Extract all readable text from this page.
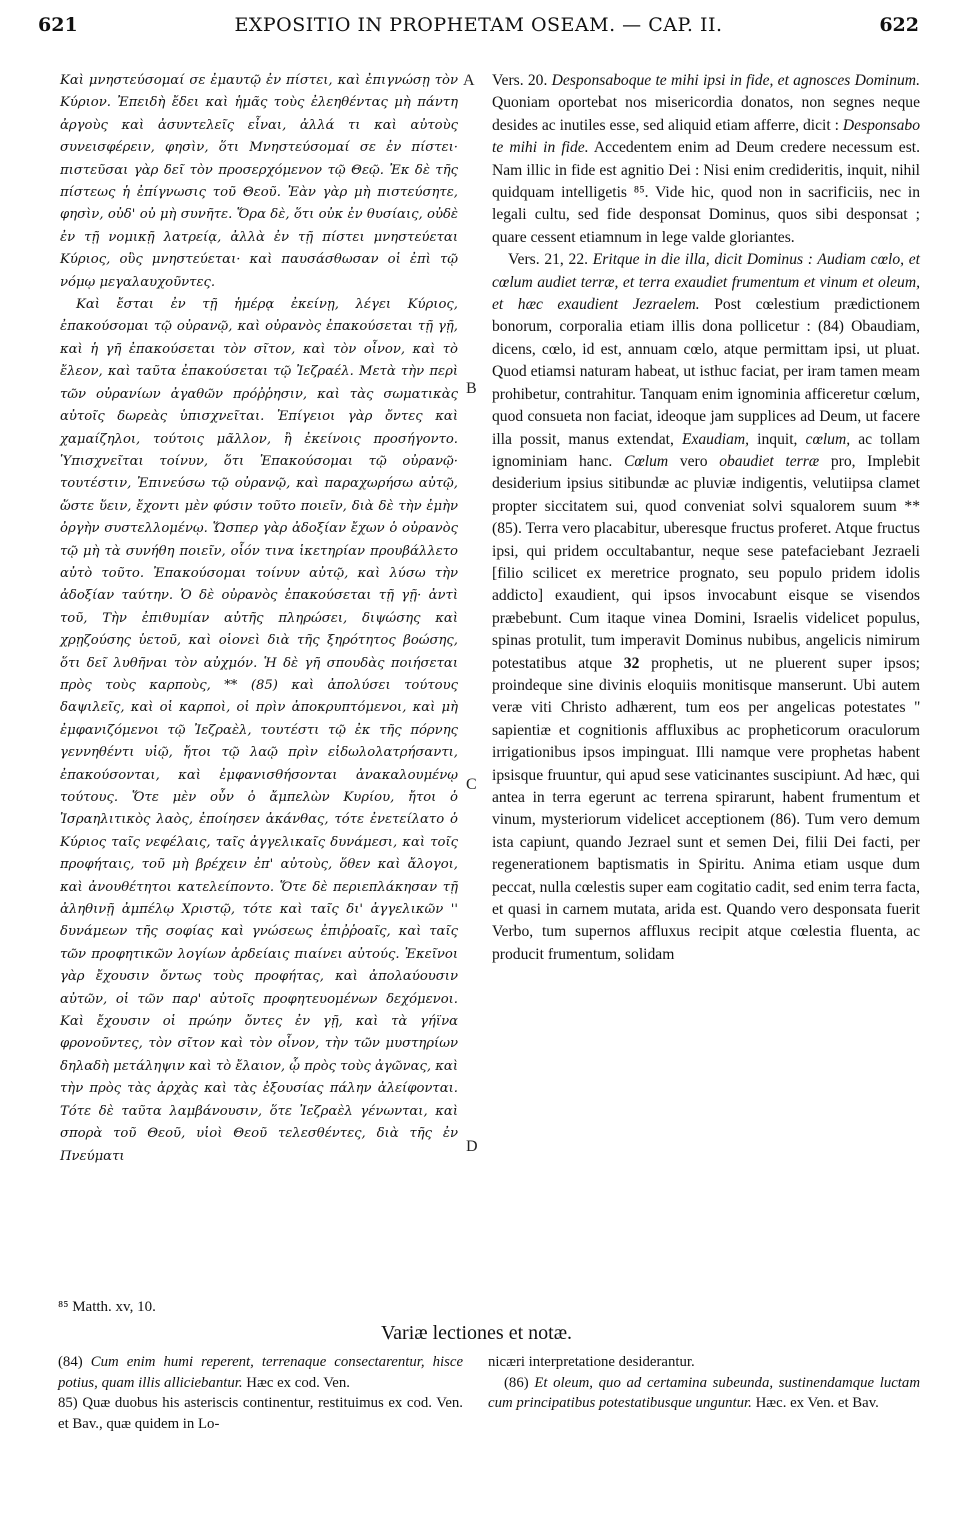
621	EXPOSITIO IN PROPHETAM OSEAM. — CAP. II.	622
A
B
C
D

Καὶ μνηστεύσομαί σε ἐμαυτῷ ἐν πίστει, καὶ ἐπιγνώσῃ τὸν Κύριον. Ἐπειδὴ ἔδει καὶ ἡμᾶς τοὺς ἐλεηθέντας μὴ πάντη ἀργοὺς καὶ ἀσυντελεῖς εἶναι, ἀλλά τι καὶ αὐτοὺς συνεισφέρειν, φησὶν, ὅτι Μνηστεύσομαί σε ἐν πίστει· πιστεῦσαι γὰρ δεῖ τὸν προσερχόμενον τῷ Θεῷ. Ἐκ δὲ τῆς πίστεως ἡ ἐπίγνωσις τοῦ Θεοῦ. Ἐὰν γὰρ μὴ πιστεύσητε, φησὶν, οὐδ' οὐ μὴ συνῆτε. Ὅρα δὲ, ὅτι οὐκ ἐν θυσίαις, οὐδὲ ἐν τῇ νομικῇ λατρείᾳ, ἀλλὰ ἐν τῇ πίστει μνηστεύεται Κύριος, οὓς μνηστεύεται· καὶ παυσάσθωσαν οἱ ἐπὶ τῷ νόμῳ μεγαλαυχοῦντες.

Καὶ ἔσται ἐν τῇ ἡμέρᾳ ἐκείνῃ, λέγει Κύριος, ἐπακούσομαι τῷ οὐρανῷ, καὶ οὐρανὸς ἐπακούσεται τῇ γῇ, καὶ ἡ γῆ ἐπακούσεται τὸν σῖτον, καὶ τὸν οἶνον, καὶ τὸ ἔλεον, καὶ ταῦτα ἐπακούσεται τῷ Ἰεζραέλ. Μετὰ τὴν περὶ τῶν οὐρανίων ἀγαθῶν πρόῤῥησιν, καὶ τὰς σωματικὰς αὐτοῖς δωρεὰς ὑπισχνεῖται. Ἐπίγειοι γὰρ ὄντες καὶ χαμαίζηλοι, τούτοις μᾶλλον, ἢ ἐκείνοις προσήγοντο. Ὑπισχνεῖται τοίνυν, ὅτι Ἐπακούσομαι τῷ οὐρανῷ· τουτέστιν, Ἐπινεύσω τῷ οὐρανῷ, καὶ παραχωρήσω αὐτῷ, ὥστε ὕειν, ἔχοντι μὲν φύσιν τοῦτο ποιεῖν, διὰ δὲ τὴν ἐμὴν ὀργὴν συστελλομένῳ. Ὥσπερ γὰρ ἀδοξίαν ἔχων ὁ οὐρανὸς τῷ μὴ τὰ συνήθη ποιεῖν, οἷόν τινα ἱκετηρίαν προυβάλλετο αὐτὸ τοῦτο. Ἐπακούσομαι τοίνυν αὐτῷ, καὶ λύσω τὴν ἀδοξίαν ταύτην. Ὁ δὲ οὐρανὸς ἐπακούσεται τῇ γῇ· ἀντὶ τοῦ, Τὴν ἐπιθυμίαν αὐτῆς πληρώσει, διψώσης καὶ χρῃζούσης ὑετοῦ, καὶ οἱονεὶ διὰ τῆς ξηρότητος βοώσης, ὅτι δεῖ λυθῆναι τὸν αὐχμόν. Ἡ δὲ γῆ σπουδὰς ποιήσεται πρὸς τοὺς καρποὺς, ** (85) καὶ ἀπολύσει τούτους δαψιλεῖς, καὶ οἱ καρποὶ, οἱ πρὶν ἀποκρυπτόμενοι, καὶ μὴ ἐμφανιζόμενοι τῷ Ἰεζραὲλ, τουτέστι τῷ ἐκ τῆς πόρνης γεννηθέντι υἱῷ, ἤτοι τῷ λαῷ πρὶν εἰδωλολατρήσαντι, ἐπακούσονται, καὶ ἐμφανισθήσονται ἀνακαλουμένῳ τούτους. Ὅτε μὲν οὖν ὁ ἄμπελὼν Κυρίου, ἤτοι ὁ Ἰσραηλιτικὸς λαὸς, ἐποίησεν ἀκάνθας, τότε ἐνετείλατο ὁ Κύριος ταῖς νεφέλαις, ταῖς ἀγγελικαῖς δυνάμεσι, καὶ τοῖς προφήταις, τοῦ μὴ βρέχειν ἐπ' αὐτοὺς, ὅθεν καὶ ἄλογοι, καὶ ἀνουθέτητοι κατελείποντο. Ὅτε δὲ περιεπλάκησαν τῇ ἀληθινῇ ἀμπέλῳ Χριστῷ, τότε καὶ ταῖς δι' ἀγγελικῶν '' δυνάμεων τῆς σοφίας καὶ γνώσεως ἐπιῤῥοαῖς, καὶ ταῖς τῶν προφητικῶν λογίων ἀρδείαις πιαίνει αὐτούς. Ἐκεῖνοι γὰρ ἔχουσιν ὄντως τοὺς προφήτας, καὶ ἀπολαύουσιν αὐτῶν, οἱ τῶν παρ' αὐτοῖς προφητευομένων δεχόμενοι. Καὶ ἔχουσιν οἱ πρώην ὄντες ἐν γῇ, καὶ τὰ γήϊνα φρονοῦντες, τὸν σῖτον καὶ τὸν οἶνον, τὴν τῶν μυστηρίων δηλαδὴ μετάληψιν καὶ τὸ ἔλαιον, ᾧ πρὸς τοὺς ἀγῶνας, καὶ τὴν πρὸς τὰς ἀρχὰς καὶ τὰς ἐξουσίας πάλην ἀλείφονται. Τότε δὲ ταῦτα λαμβάνουσιν, ὅτε Ἰεζραὲλ γένωνται, καὶ σπορὰ τοῦ Θεοῦ, υἱοὶ Θεοῦ τελεσθέντες, διὰ τῆς ἐν Πνεύματι

⁸⁵ Matth. xv, 10.

Vers. 20. Desponsaboque te mihi ipsi in fide, et agnosces Dominum. Quoniam oportebat nos misericordia donatos, non segnes neque desides ac inutiles esse, sed aliquid etiam afferre, dicit : Desponsabo te mihi in fide. Accedentem enim ad Deum credere necessum est. Nam illic in fide est agnitio Dei : Nisi enim credideritis, inquit, nihil quidquam intelligetis ⁸⁵. Vide hic, quod non in sacrificiis, nec in legali cultu, sed fide desponsat Dominus, quos sibi desponsat ; quare cessent etiamnum in lege valde gloriantes.

Vers. 21, 22. Eritque in die illa, dicit Dominus : Audiam cœlo, et cœlum audiet terræ, et terra exaudiet frumentum et vinum et oleum, et hæc exaudient Jezraelem. Post cœlestium prædictionem bonorum, corporalia etiam illis dona pollicetur : (84) Obaudiam, dicens, cœlo, id est, annuam cœlo, atque permittam ipsi, ut pluat. Quod etiamsi naturam habeat, ut isthuc faciat, per iram tamen meam prohibetur, contrahitur. Tanquam enim ignominia afficeretur cœlum, quod consueta non faciat, ideoque jam supplices ad Deum, ut facere illa possit, manus extendat, Exaudiam, inquit, cœlum, ac tollam ignominiam hanc. Cœlum vero obaudiet terræ pro, Implebit desiderium ipsius sitibundæ ac pluviæ indigentis, velutiipsa clamet propter siccitatem sui, quod conveniat solvi squalorem suum ** (85). Terra vero placabitur, uberesque fructus proferet. Atque fructus ipsi, qui pridem occultabantur, neque sese patefaciebant Jezraeli [filio scilicet ex meretrice prognato, seu populo pridem idolis addicto] exaudient, qui ipsos invocabunt eisque se visendos præbebunt. Cum itaque vinea Domini, Israelis videlicet populus, spinas protulit, tum imperavit Dominus nubibus, angelicis nimirum potestatibus atque 32 prophetis, ut ne pluerent super ipsos; proindeque sine divinis eloquiis monitisque manserunt. Ubi autem veræ viti Christo adhærent, tum eos per angelicas potestates '' sapientiæ et cognitionis affluxibus ac propheticorum oraculorum irrigationibus ipsos impinguat. Illi namque vere prophetas habent ipsisque fruuntur, qui apud sese vaticinantes suscipiunt. Ad hæc, qui antea in terra egerunt ac terrena spirarunt, habent frumentum et vinum, mysteriorum videlicet acceptionem (86). Tum vero demum ista capiunt, quando Jezrael sunt et semen Dei, filii Dei facti, per regenerationem baptismatis in Spiritu. Anima etiam usque dum peccat, nulla cœlestis super eam cogitatio cadit, sed enim terra facta, et quasi in carnem mutata, arida est. Quando vero desponsata fuerit Verbo, tum supernos affluxus recipit atque cœlestia fluenta, ac producit frumentum, solidam

Variæ lectiones et notæ.

(84) Cum enim humi reperent, terrenaque consectarentur, hisce potius, quam illis alliciebantur. Hæc ex cod. Ven.

85) Quæ duobus his asteriscis continentur, restituimus ex cod. Ven. et Bav., quæ quidem in Lo-

nicæri interpretatione desiderantur.

(86) Et oleum, quo ad certamina subeunda, sustinendamque luctam cum principatibus potestatibusque unguntur. Hæc. ex Ven. et Bav.
